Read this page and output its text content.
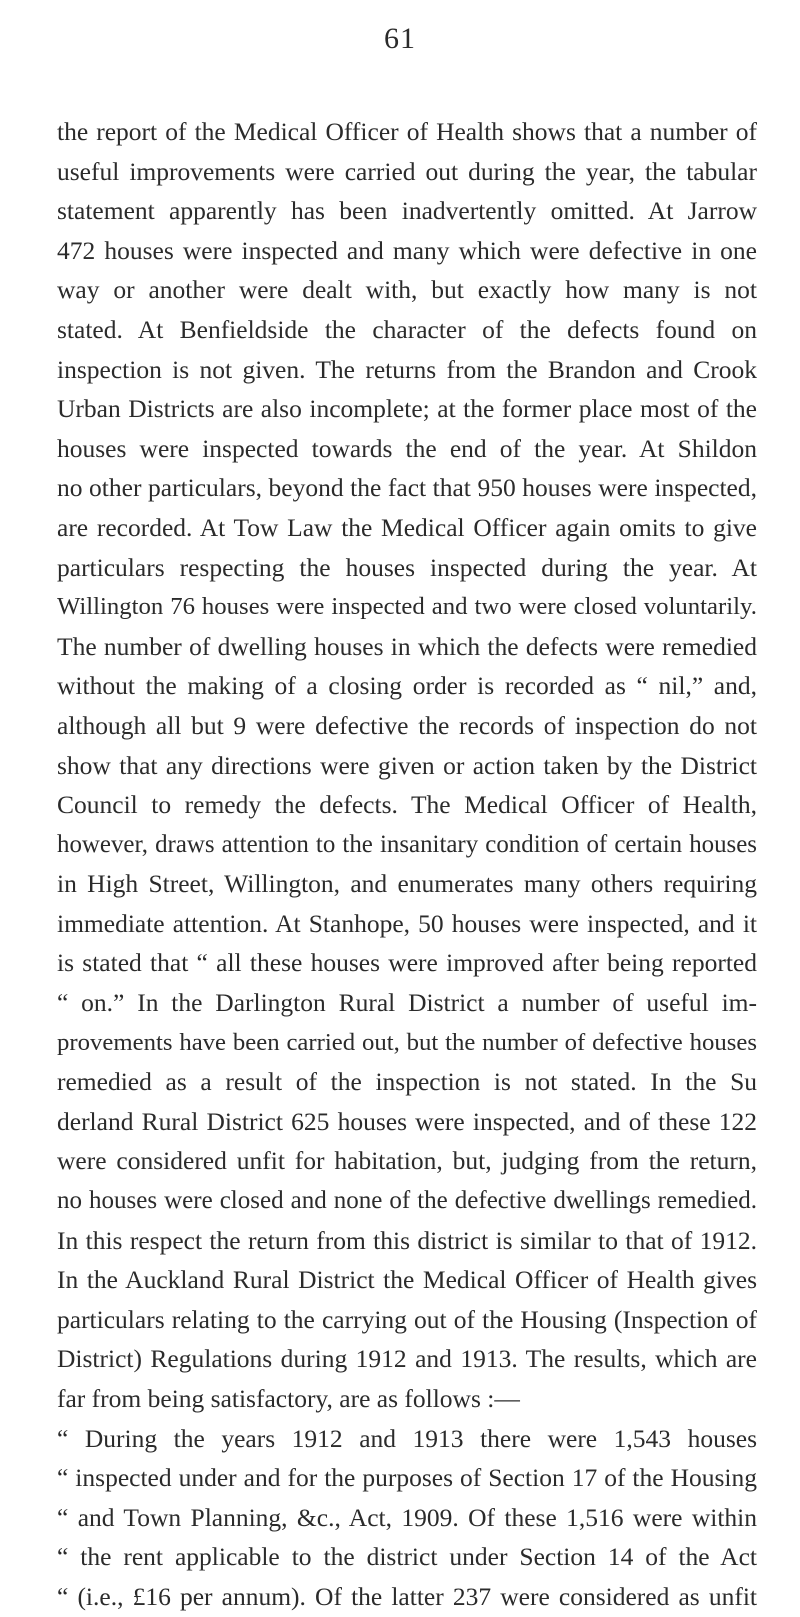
61
the report of the Medical Officer of Health shows that a number of
useful improvements were carried out during the year, the tabular
statement apparently has been inadvertently omitted. At Jarrow
472 houses were inspected and many which were defective in one
way or another were dealt with, but exactly how many is not
stated. At Benfieldside the character of the defects found on
inspection is not given. The returns from the Brandon and Crook
Urban Districts are also incomplete; at the former place most of the
houses were inspected towards the end of the year. At Shildon
no other particulars, beyond the fact that 950 houses were inspected,
are recorded. At Tow Law the Medical Officer again omits to give
particulars respecting the houses inspected during the year. At
Willington 76 houses were inspected and two were closed voluntarily.
The number of dwelling houses in which the defects were remedied
without the making of a closing order is recorded as “ nil,” and,
although all but 9 were defective the records of inspection do not
show that any directions were given or action taken by the District
Council to remedy the defects. The Medical Officer of Health,
however, draws attention to the insanitary condition of certain houses
in High Street, Willington, and enumerates many others requiring
immediate attention. At Stanhope, 50 houses were inspected, and it
is stated that “ all these houses were improved after being reported
“ on.” In the Darlington Rural District a number of useful im-
provements have been carried out, but the number of defective houses
remedied as a result of the inspection is not stated. In the Su
derland Rural District 625 houses were inspected, and of these 122
were considered unfit for habitation, but, judging from the return,
no houses were closed and none of the defective dwellings remedied.
In this respect the return from this district is similar to that of 1912.
In the Auckland Rural District the Medical Officer of Health gives
particulars relating to the carrying out of the Housing (Inspection of
District) Regulations during 1912 and 1913. The results, which are
far from being satisfactory, are as follows :—
“ During the years 1912 and 1913 there were 1,543 houses
“ inspected under and for the purposes of Section 17 of the Housing
“ and Town Planning, &c., Act, 1909. Of these 1,516 were within
“ the rent applicable to the district under Section 14 of the Act
“ (i.e., £16 per annum). Of the latter 237 were considered as unfit
